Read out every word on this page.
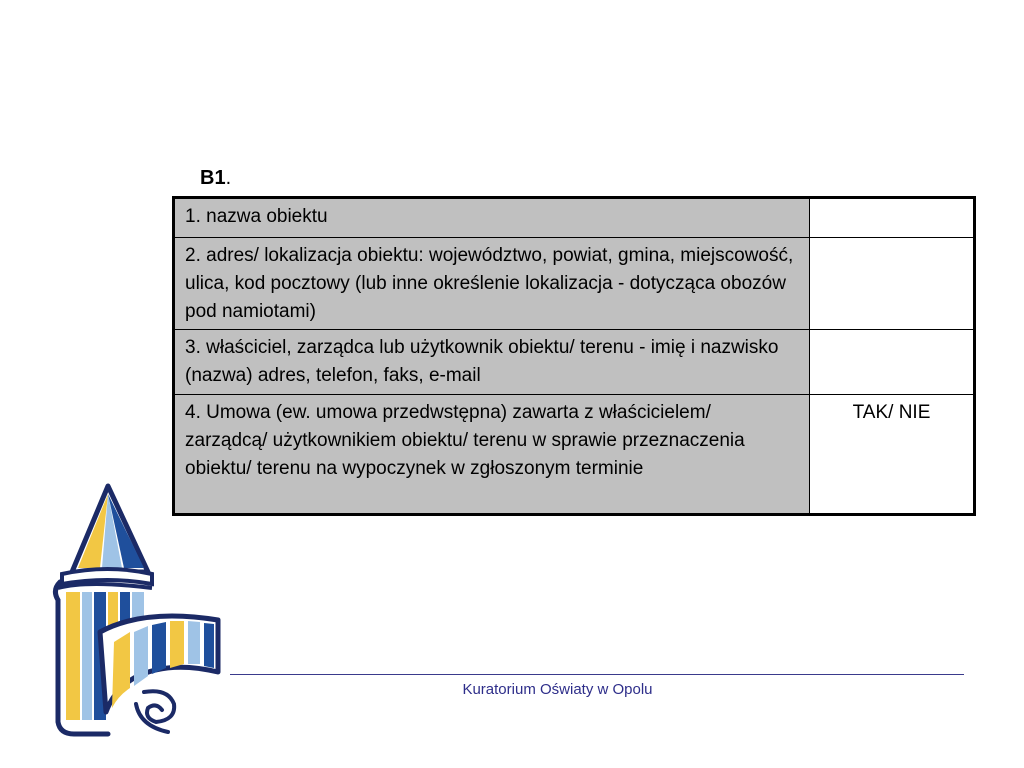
B1.
1. nazwa obiektu	
2. adres/ lokalizacja obiektu: województwo, powiat, gmina, miejscowość, ulica, kod pocztowy (lub inne określenie lokalizacja - dotycząca obozów pod namiotami)	
3. właściciel, zarządca lub użytkownik obiektu/ terenu - imię i nazwisko (nazwa) adres, telefon, faks, e-mail	
4. Umowa (ew. umowa przedwstępna) zawarta z właścicielem/ zarządcą/ użytkownikiem obiektu/ terenu w sprawie przeznaczenia obiektu/ terenu na wypoczynek w zgłoszonym terminie	TAK/ NIE
Kuratorium Oświaty w Opolu
